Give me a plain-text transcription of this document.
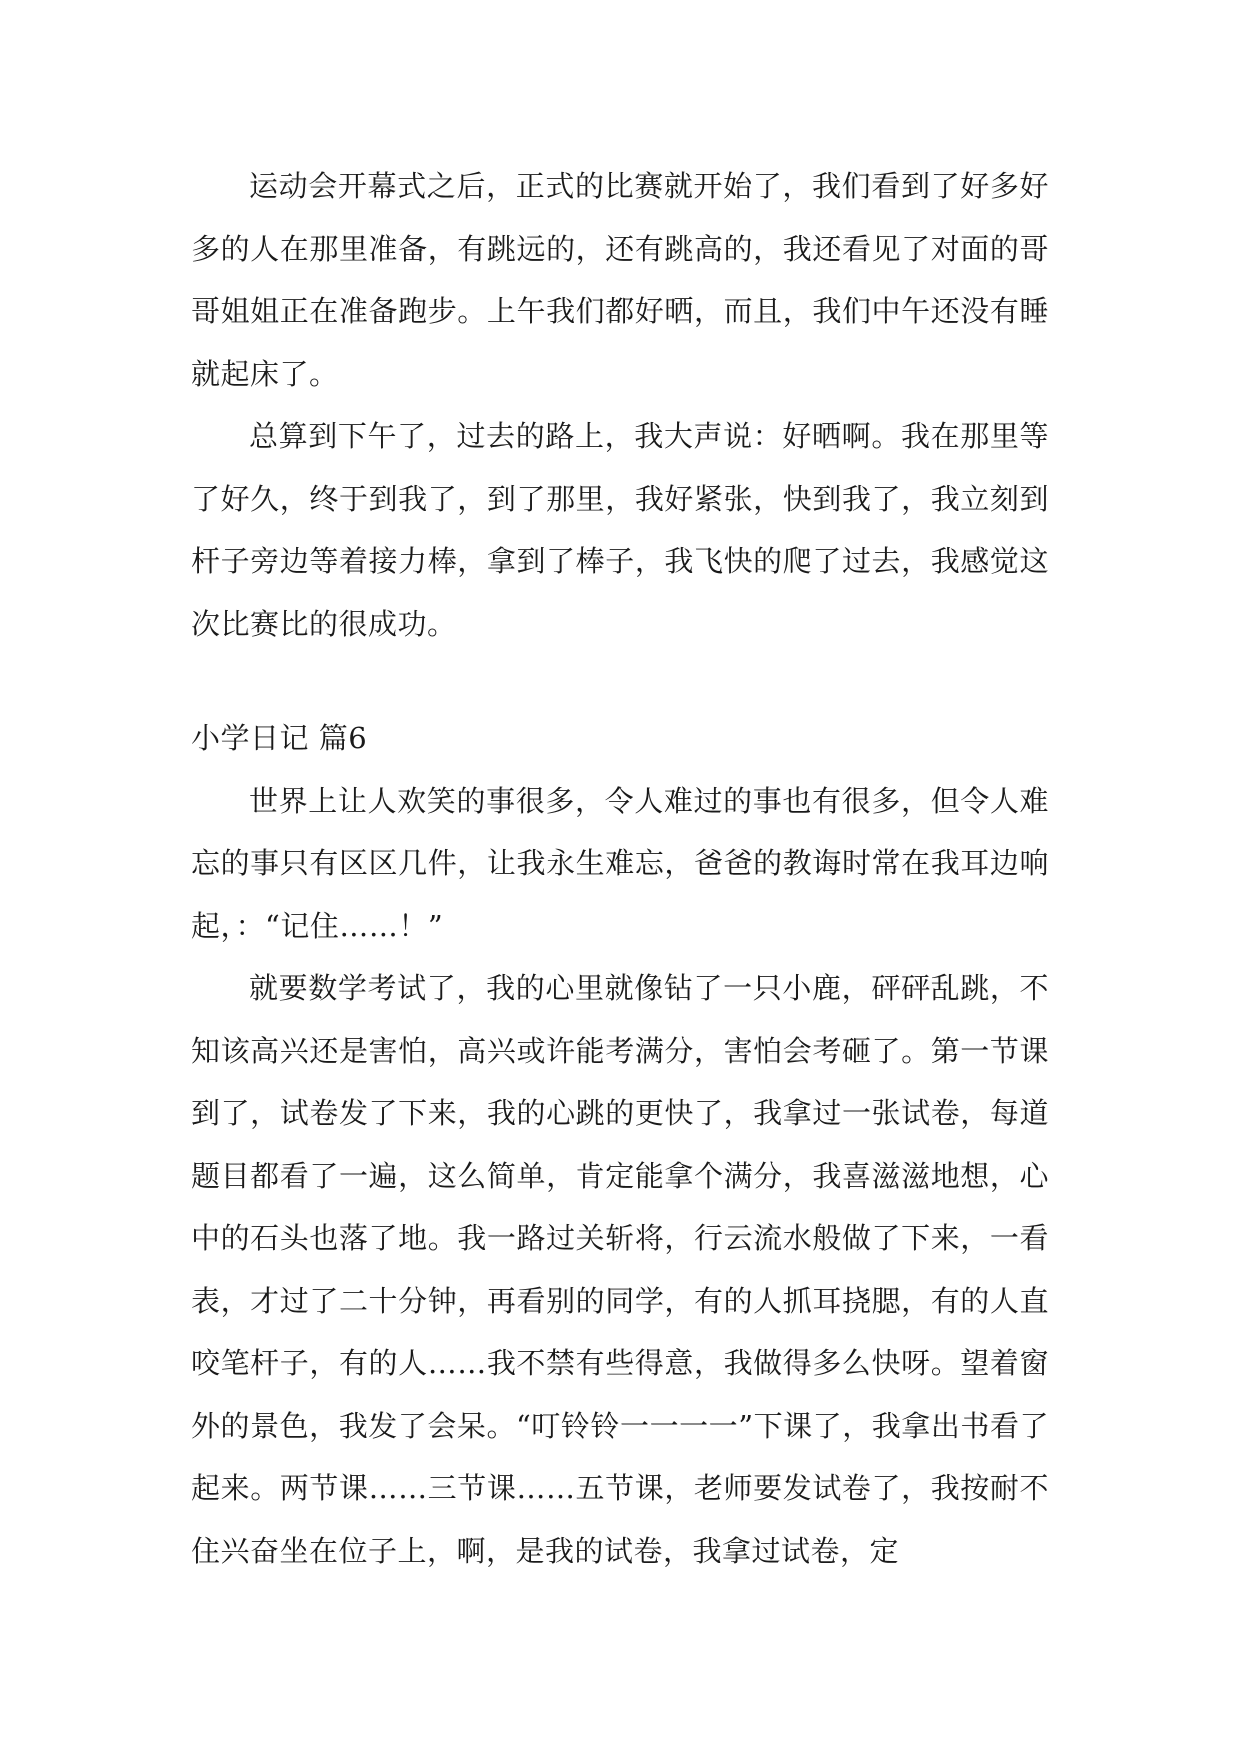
运动会开幕式之后，正式的比赛就开始了，我们看到了好多好多的人在那里准备，有跳远的，还有跳高的，我还看见了对面的哥哥姐姐正在准备跑步。上午我们都好晒，而且，我们中午还没有睡就起床了。

总算到下午了，过去的路上，我大声说：好晒啊。我在那里等了好久，终于到我了，到了那里，我好紧张，快到我了，我立刻到杆子旁边等着接力棒，拿到了棒子，我飞快的爬了过去，我感觉这次比赛比的很成功。

小学日记 篇6

世界上让人欢笑的事很多，令人难过的事也有很多，但令人难忘的事只有区区几件，让我永生难忘，爸爸的教诲时常在我耳边响起，：“记住……！”

就要数学考试了，我的心里就像钻了一只小鹿，砰砰乱跳，不知该高兴还是害怕，高兴或许能考满分，害怕会考砸了。第一节课到了，试卷发了下来，我的心跳的更快了，我拿过一张试卷，每道题目都看了一遍，这么简单，肯定能拿个满分，我喜滋滋地想，心中的石头也落了地。我一路过关斩将，行云流水般做了下来，一看表，才过了二十分钟，再看别的同学，有的人抓耳挠腮，有的人直咬笔杆子，有的人……我不禁有些得意，我做得多么快呀。望着窗外的景色，我发了会呆。“叮铃铃一一一一”下课了，我拿出书看了起来。两节课……三节课……五节课，老师要发试卷了，我按耐不住兴奋坐在位子上，啊，是我的试卷，我拿过试卷，定
